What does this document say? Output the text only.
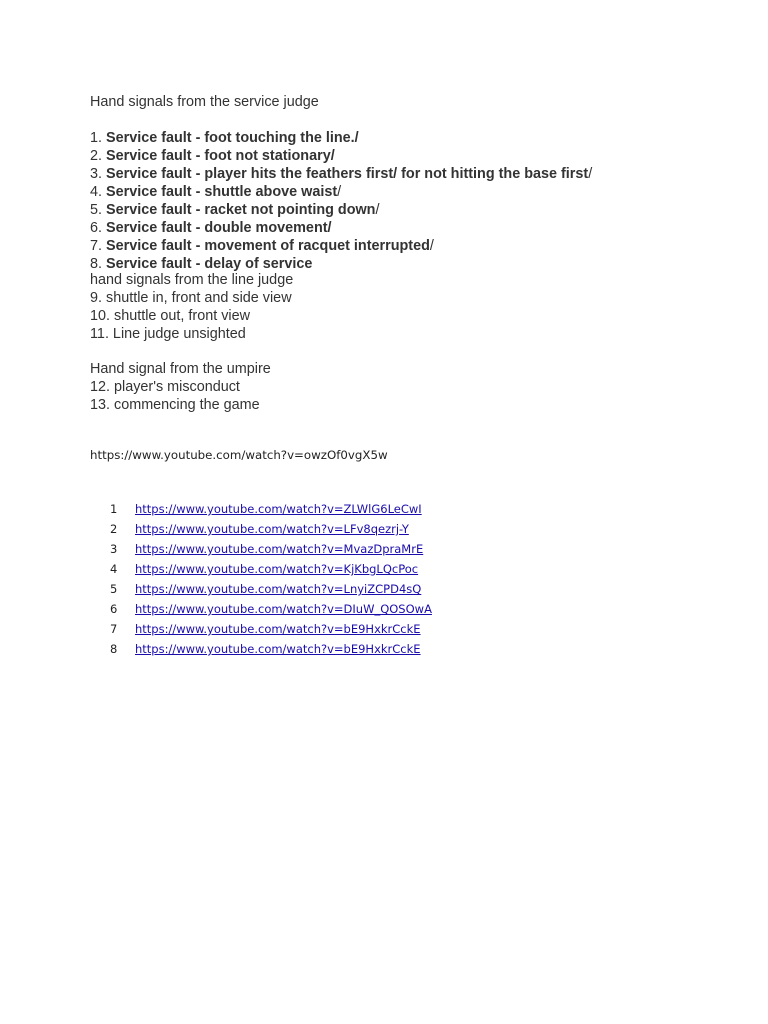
Hand signals from the service judge
1. Service fault - foot touching the line./
2. Service fault - foot not stationary/
3. Service fault - player hits the feathers first/ for not hitting the base first/
4. Service fault - shuttle above waist/
5. Service fault - racket not pointing down/
6. Service fault - double movement/
7. Service fault - movement of racquet interrupted/
8. Service fault - delay of service
hand signals from the line judge
9. shuttle in, front and side view
10. shuttle out, front view
11. Line judge unsighted
Hand signal from the umpire
12. player's misconduct
13. commencing the game
https://www.youtube.com/watch?v=owzOf0vgX5w
1	https://www.youtube.com/watch?v=ZLWlG6LeCwI
2	https://www.youtube.com/watch?v=LFv8qezrj-Y
3	https://www.youtube.com/watch?v=MvazDpraMrE
4	https://www.youtube.com/watch?v=KjKbgLQcPoc
5	https://www.youtube.com/watch?v=LnyiZCPD4sQ
6	https://www.youtube.com/watch?v=DIuW_QOSOwA
7	https://www.youtube.com/watch?v=bE9HxkrCckE
8	https://www.youtube.com/watch?v=bE9HxkrCckE
